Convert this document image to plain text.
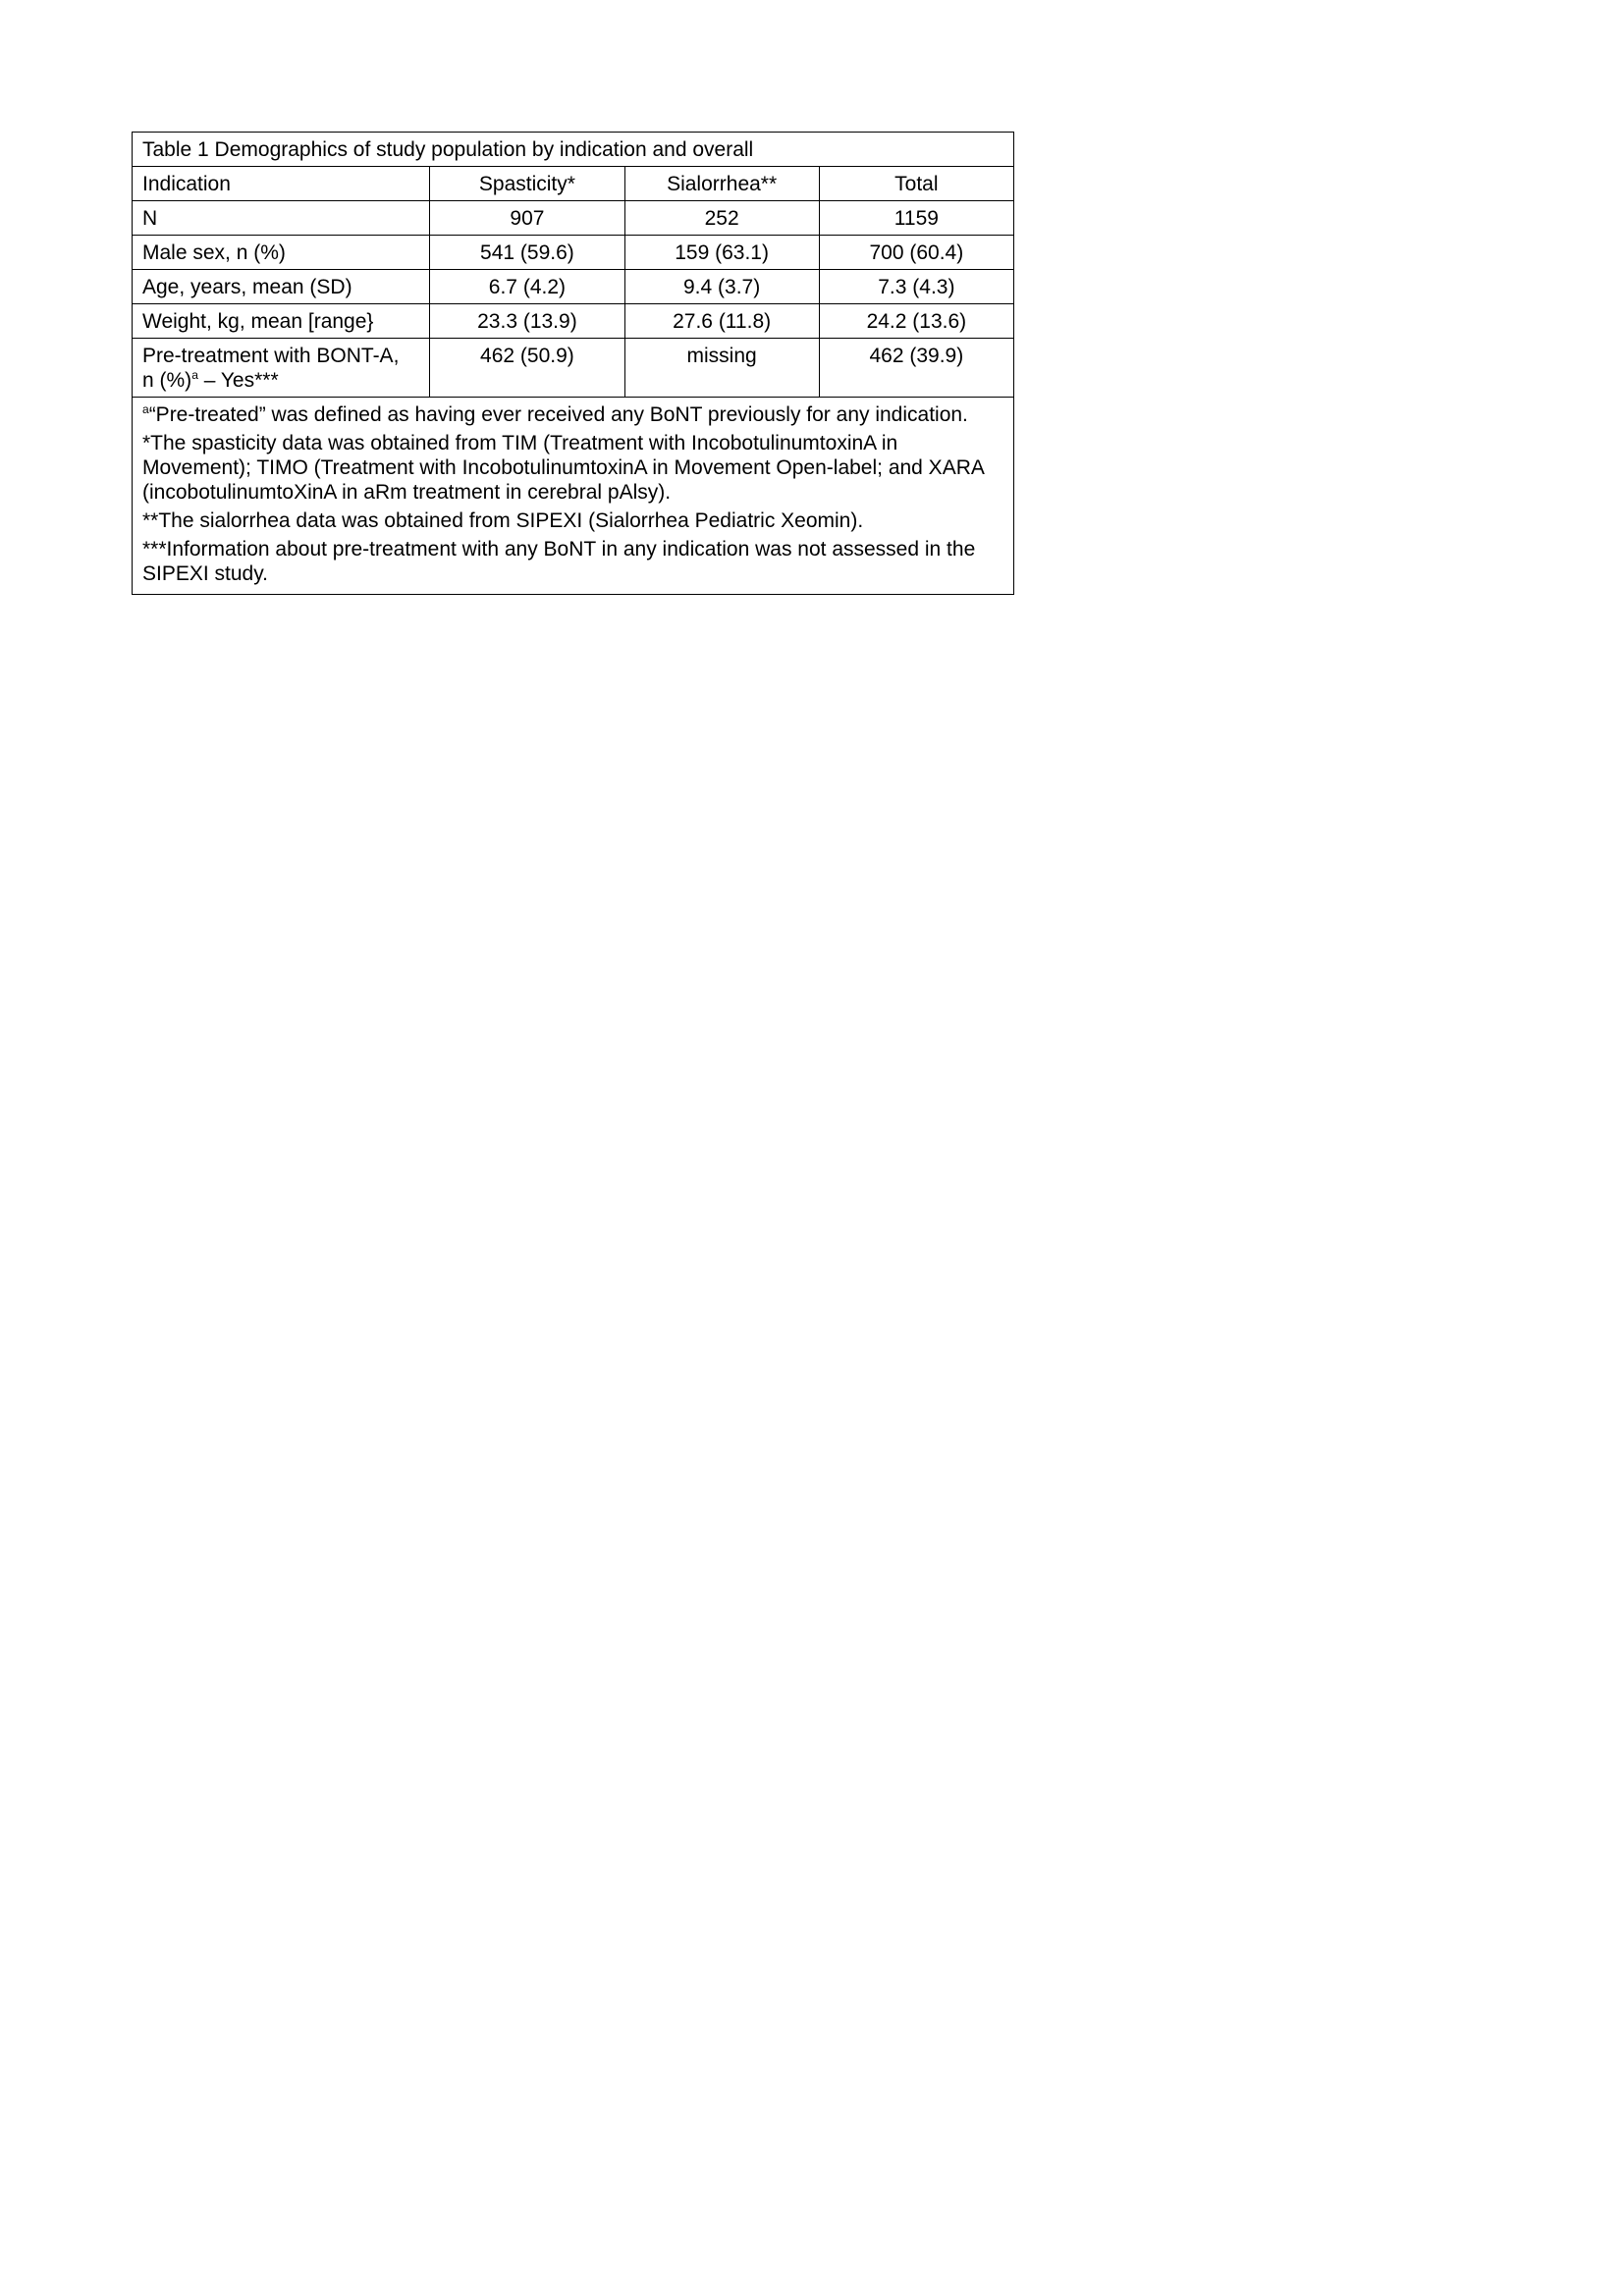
Table 1 Demographics of study population by indication and overall			
Indication	Spasticity*	Sialorrhea**	Total
N	907	252	1159
Male sex, n (%)	541 (59.6)	159 (63.1)	700 (60.4)
Age, years, mean (SD)	6.7 (4.2)	9.4 (3.7)	7.3 (4.3)
Weight, kg, mean [range}	23.3 (13.9)	27.6 (11.8)	24.2 (13.6)
Pre-treatment with BONT-A,
n (%)$^a$ – Yes***	462 (50.9)	missing	462 (39.9)

$^a$“Pre-treated” was defined as having ever received any BoNT previously for any indication.

*The spasticity data was obtained from TIM (Treatment with IncobotulinumtoxinA in Movement); TIMO (Treatment with IncobotulinumtoxinA in Movement Open-label; and XARA (incobotulinumtoXinA in aRm treatment in cerebral pAlsy).

**The sialorrhea data was obtained from SIPEXI (Sialorrhea Pediatric Xeomin).

***Information about pre-treatment with any BoNT in any indication was not assessed in the SIPEXI study.			
